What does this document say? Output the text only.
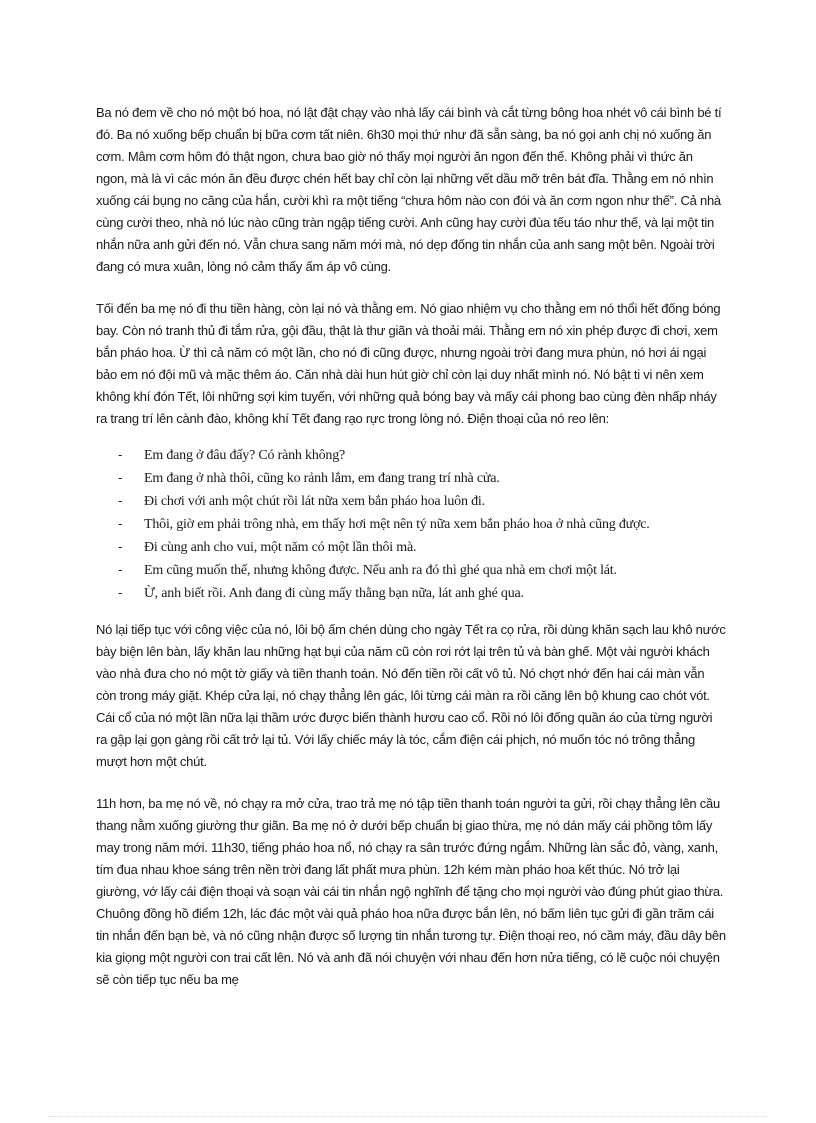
Ba nó đem về cho nó một bó hoa, nó lật đật chạy vào nhà lấy cái bình và cắt từng bông hoa nhét vô cái bình bé tí đó. Ba nó xuống bếp chuẩn bị bữa cơm tất niên. 6h30 mọi thứ như đã sẵn sàng, ba nó gọi anh chị nó xuống ăn cơm. Mâm cơm hôm đó thật ngon, chưa bao giờ nó thấy mọi người ăn ngon đến thế. Không phải vì thức ăn ngon, mà là vì các món ăn đều được chén hết bay chỉ còn lại những vết dầu mỡ trên bát đĩa. Thằng em nó nhìn xuống cái bụng no căng của hắn, cười khì ra một tiếng “chưa hôm nào con đói và ăn cơm ngon như thế”. Cả nhà cùng cười theo, nhà nó lúc nào cũng tràn ngập tiếng cười. Anh cũng hay cười đùa tếu táo như thế, và lại một tin nhắn nữa anh gửi đến nó. Vẫn chưa sang năm mới mà, nó dẹp đống tin nhắn của anh sang một bên. Ngoài trời đang có mưa xuân, lòng nó cảm thấy ấm áp vô cùng.

Tối đến ba mẹ nó đi thu tiền hàng, còn lại nó và thằng em. Nó giao nhiệm vụ cho thằng em nó thổi hết đống bóng bay. Còn nó tranh thủ đi tắm rửa, gội đầu, thật là thư giãn và thoải mái. Thằng em nó xin phép được đi chơi, xem bắn pháo hoa. Ừ thì cả năm có một lần, cho nó đi cũng được, nhưng ngoài trời đang mưa phùn, nó hơi ái ngại bảo em nó đội mũ và mặc thêm áo. Căn nhà dài hun hút giờ chỉ còn lại duy nhất mình nó. Nó bật ti vi nên xem không khí đón Tết, lôi những sợi kim tuyến, với những quả bóng bay và mấy cái phong bao cùng đèn nhấp nháy ra trang trí lên cành đào, không khí Tết đang rạo rực trong lòng nó. Điện thoại của nó reo lên:

- Em đang ở đâu đấy? Có rành không?
- Em đang ở nhà thôi, cũng ko rảnh lắm, em đang trang trí nhà cửa.
- Đi chơi với anh một chút rồi lát nữa xem bắn pháo hoa luôn đi.
- Thôi, giờ em phải trông nhà, em thấy hơi mệt nên tý nữa xem bắn pháo hoa ở nhà cũng được.
- Đi cùng anh cho vui, một năm có một lần thôi mà.
- Em cũng muốn thế, nhưng không được. Nếu anh ra đó thì ghé qua nhà em chơi một lát.
- Ừ, anh biết rồi. Anh đang đi cùng mấy thằng bạn nữa, lát anh ghé qua.

Nó lại tiếp tục với công việc của nó, lôi bộ ấm chén dùng cho ngày Tết ra cọ rửa, rồi dùng khăn sạch lau khô nước bày biện lên bàn, lấy khăn lau những hạt bụi của năm cũ còn rơi rớt lại trên tủ và bàn ghế. Một vài người khách vào nhà đưa cho nó một tờ giấy và tiền thanh toán. Nó đến tiền rồi cất vô tủ. Nó chợt nhớ đến hai cái màn vẫn còn trong máy giặt. Khép cửa lại, nó chạy thẳng lên gác, lôi từng cái màn ra rồi căng lên bộ khung cao chót vót. Cái cổ của nó một lần nữa lại thầm ước được biến thành hươu cao cổ. Rồi nó lôi đống quần áo của từng người ra gập lại gọn gàng rồi cất trở lại tủ. Với lấy chiếc máy là tóc, cắm điện cái phịch, nó muốn tóc nó trông thẳng mượt hơn một chút.

11h hơn, ba mẹ nó về, nó chạy ra mở cửa, trao trả mẹ nó tập tiền thanh toán người ta gửi, rồi chạy thẳng lên cầu thang nằm xuống giường thư giãn. Ba mẹ nó ở dưới bếp chuẩn bị giao thừa, mẹ nó dán mấy cái phồng tôm lấy may trong năm mới. 11h30, tiếng pháo hoa nổ, nó chạy ra sân trước đứng ngắm. Những làn sắc đỏ, vàng, xanh, tím đua nhau khoe sáng trên nền trời đang lất phất mưa phùn. 12h kém màn pháo hoa kết thúc. Nó trở lại giường, vớ lấy cái điện thoại và soạn vài cái tin nhắn ngộ nghĩnh để tặng cho mọi người vào đúng phút giao thừa. Chuông đồng hồ điểm 12h, lác đác một vài quả pháo hoa nữa được bắn lên, nó bấm liên tục gửi đi gần trăm cái tin nhắn đến bạn bè, và nó cũng nhận được số lượng tin nhắn tương tự. Điện thoại reo, nó cầm máy, đầu dây bên kia giọng một người con trai cất lên. Nó và anh đã nói chuyện với nhau đến hơn nửa tiếng, có lẽ cuộc nói chuyện sẽ còn tiếp tục nếu ba mẹ
